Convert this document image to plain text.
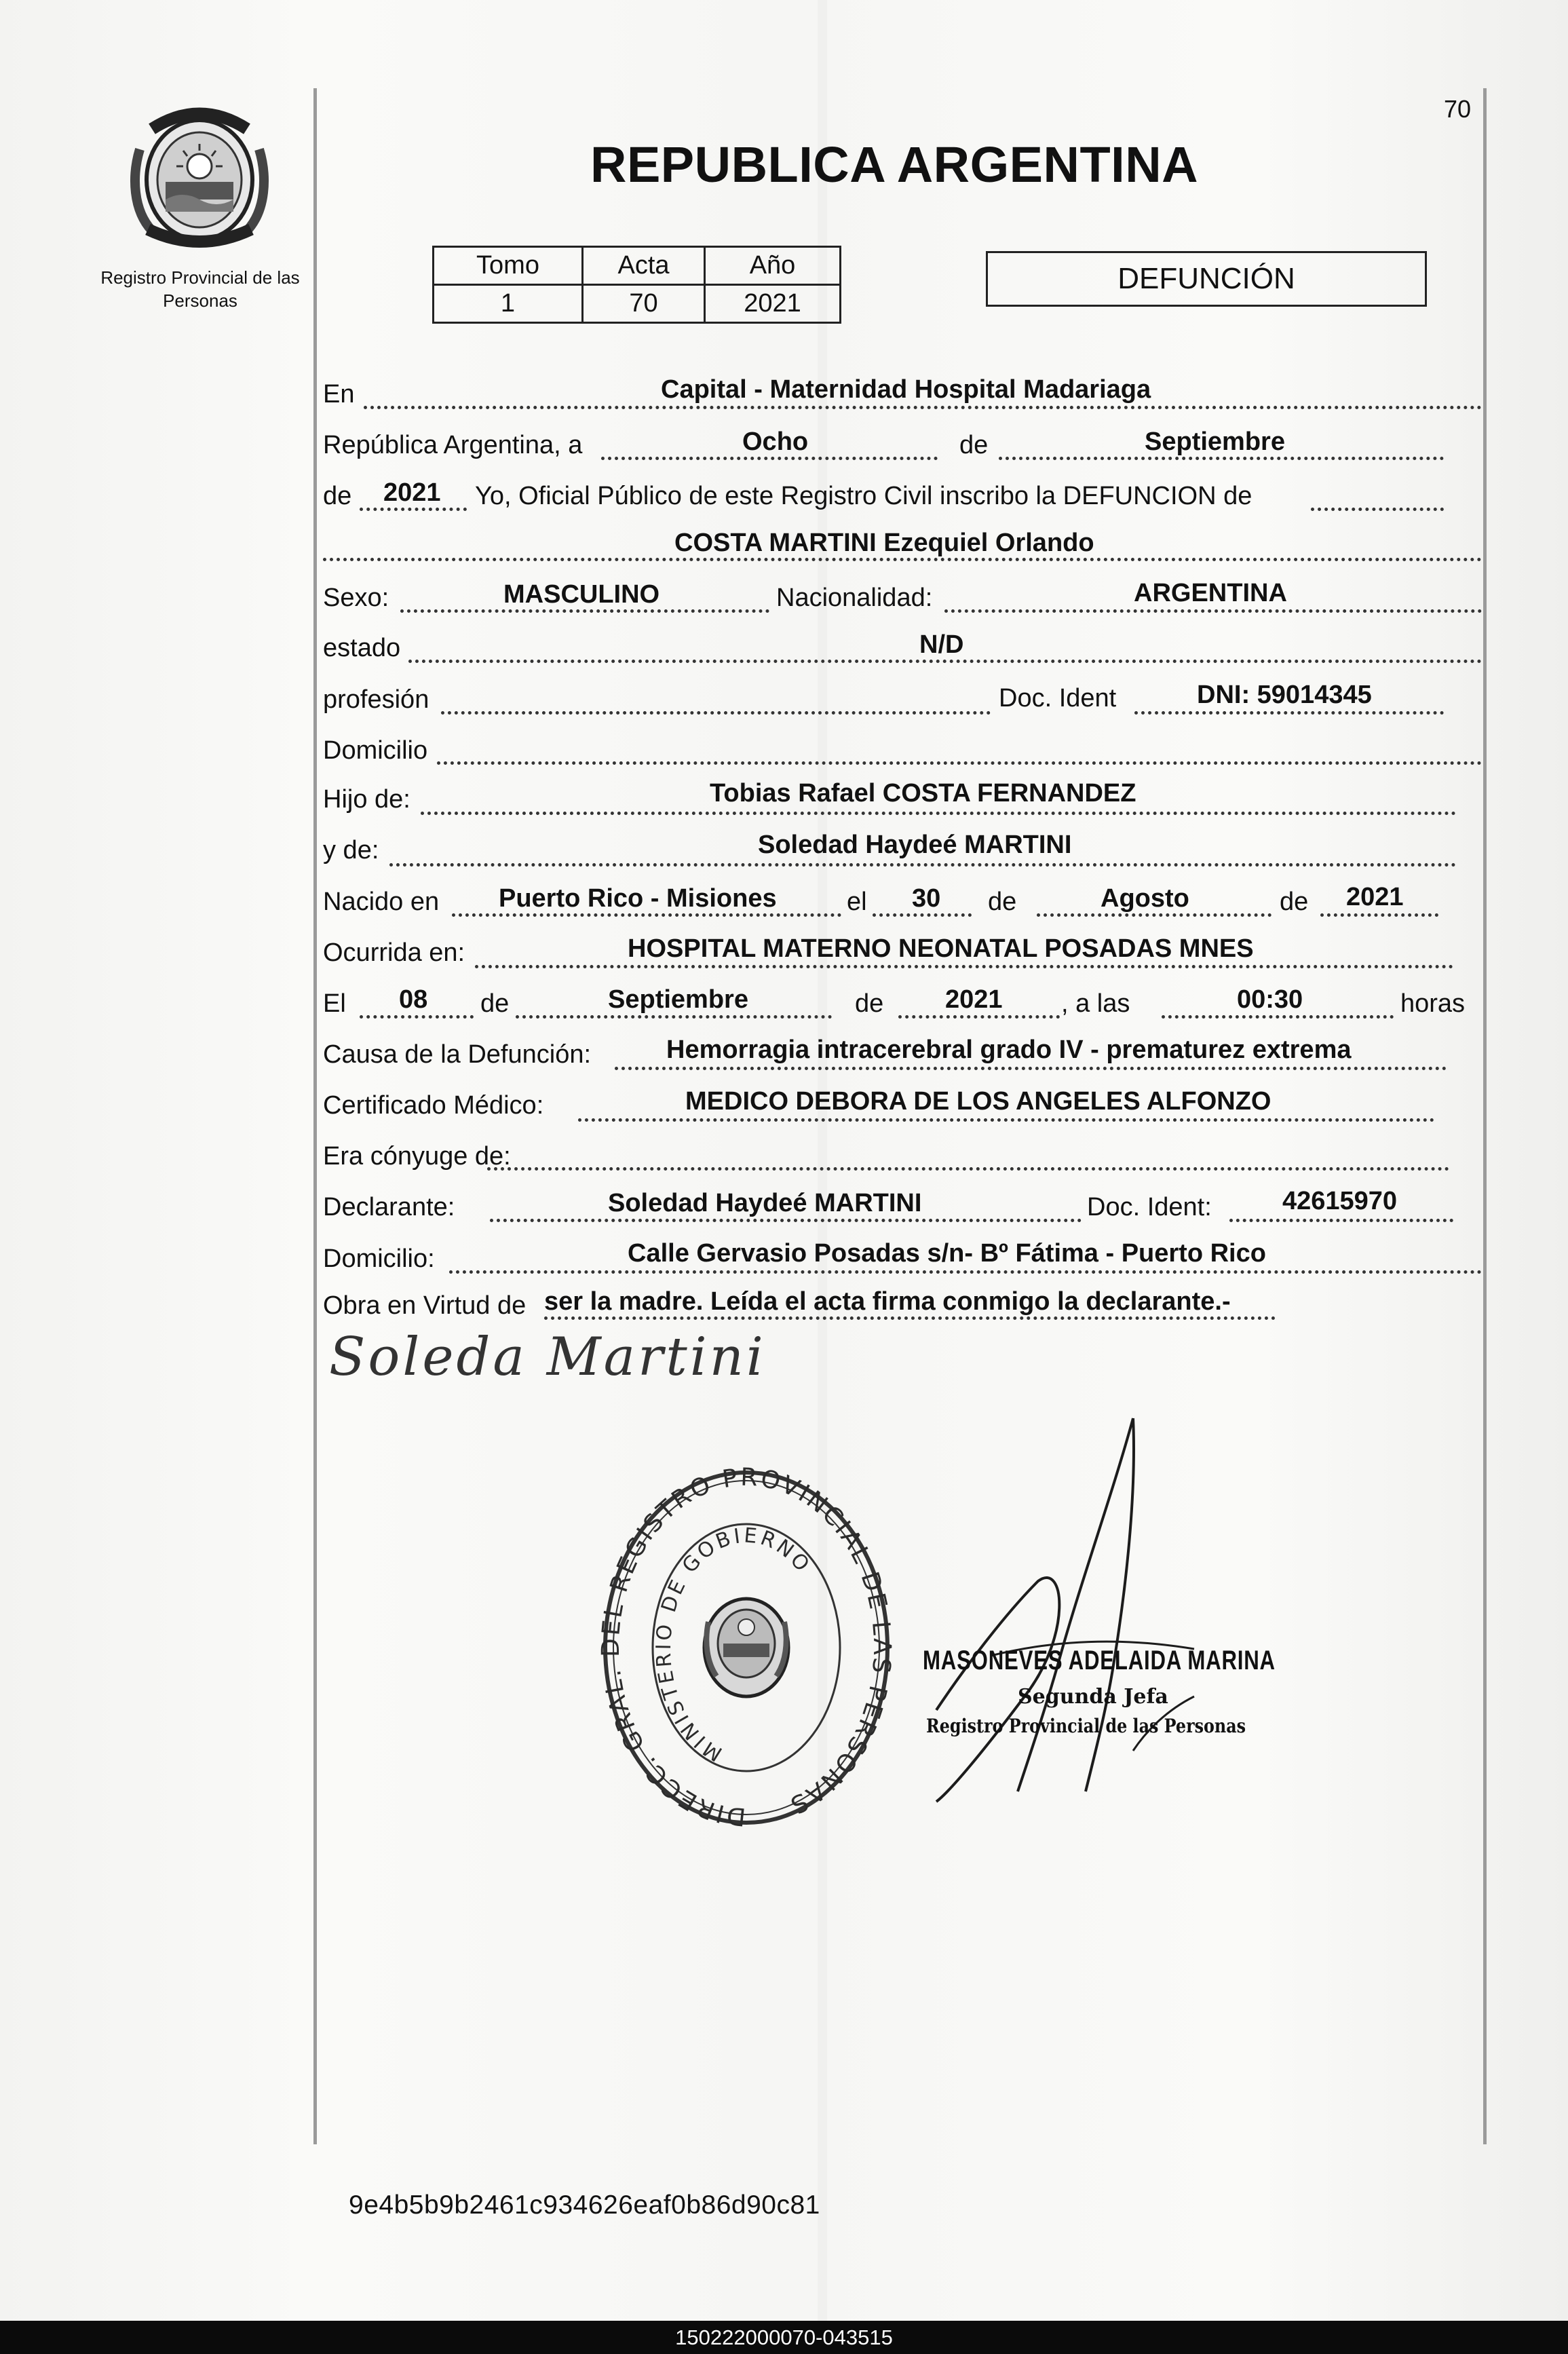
Registro Provincial de las Personas
70
REPUBLICA ARGENTINA
Tomo	Acta	Año
1	70	2021
DEFUNCIÓN
En	Capital - Maternidad Hospital Madariaga
República Argentina, a	Ocho	de	Septiembre
de 2021 Yo, Oficial Público de este Registro Civil inscribo la DEFUNCION de
COSTA MARTINI Ezequiel Orlando
Sexo:	MASCULINO	Nacionalidad:	ARGENTINA
estado	N/D
profesión	Doc. Ident	DNI: 59014345
Domicilio
Hijo de:	Tobias Rafael COSTA FERNANDEZ
y de:	Soledad Haydeé MARTINI
Nacido en Puerto Rico - Misiones	el 30 de	Agosto	de 2021
Ocurrida en:	HOSPITAL MATERNO NEONATAL POSADAS MNES
El 08 de	Septiembre	de 2021 , a las	00:30	horas
Causa de la Defunción:	Hemorragia intracerebral grado IV - prematurez extrema
Certificado Médico:	MEDICO DEBORA DE LOS ANGELES ALFONZO
Era cónyuge de:
Declarante:	Soledad Haydeé MARTINI	Doc. Ident:	42615970
Domicilio:	Calle Gervasio Posadas s/n- Bº Fátima - Puerto Rico
Obra en Virtud de ser la madre. Leída el acta firma conmigo la declarante.-
Soleda Martini
DIRECC. GRAL. DEL REGISTRO PROVINCIAL DE LAS PERSONAS
MINISTERIO DE GOBIERNO
MASONEVES ADELAIDA MARINA
Segunda Jefa
Registro Provincial de las Personas
9e4b5b9b2461c934626eaf0b86d90c81
150222000070-043515
